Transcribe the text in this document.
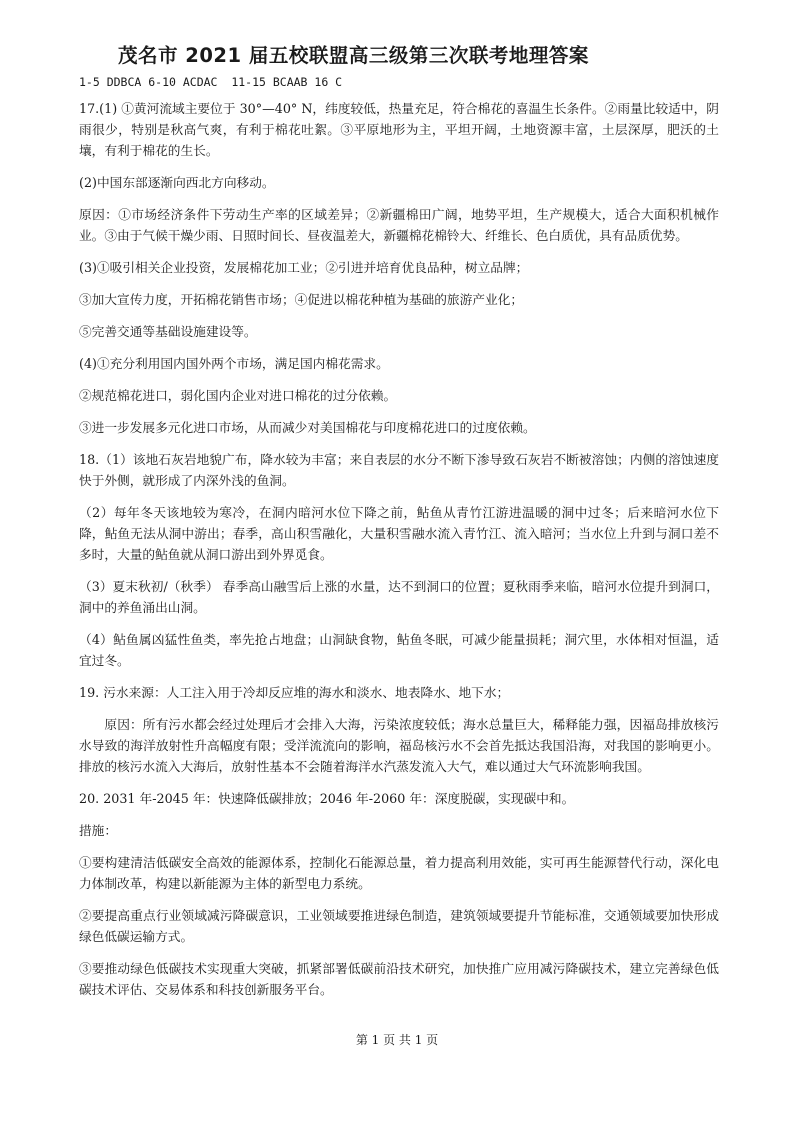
茂名市 2021 届五校联盟高三级第三次联考地理答案
1-5 DDBCA 6-10 ACDAC  11-15 BCAAB 16 C

17.(1) ①黄河流域主要位于 30°—40° N，纬度较低，热量充足，符合棉花的喜温生长条件。②雨量比较适中，阴雨很少，特别是秋高气爽，有利于棉花吐絮。③平原地形为主，平坦开阔，土地资源丰富，土层深厚，肥沃的土壤，有利于棉花的生长。

(2)中国东部逐渐向西北方向移动。

原因：①市场经济条件下劳动生产率的区域差异；②新疆棉田广阔，地势平坦，生产规模大，适合大面积机械作业。③由于气候干燥少雨、日照时间长、昼夜温差大，新疆棉花棉铃大、纤维长、色白质优，具有品质优势。

(3)①吸引相关企业投资，发展棉花加工业；②引进并培育优良品种，树立品牌；

③加大宣传力度，开拓棉花销售市场；④促进以棉花种植为基础的旅游产业化；

⑤完善交通等基础设施建设等。

(4)①充分利用国内国外两个市场，满足国内棉花需求。

②规范棉花进口，弱化国内企业对进口棉花的过分依赖。

③进一步发展多元化进口市场，从而减少对美国棉花与印度棉花进口的过度依赖。

18.（1）该地石灰岩地貌广布，降水较为丰富；来自表层的水分不断下渗导致石灰岩不断被溶蚀；内侧的溶蚀速度快于外侧，就形成了内深外浅的鱼洞。

（2）每年冬天该地较为寒冷，在洞内暗河水位下降之前，鲇鱼从青竹江游进温暖的洞中过冬；后来暗河水位下降，鲇鱼无法从洞中游出；春季，高山积雪融化，大量积雪融水流入青竹江、流入暗河；当水位上升到与洞口差不多时，大量的鲇鱼就从洞口游出到外界觅食。

（3）夏末秋初/（秋季） 春季高山融雪后上涨的水量，达不到洞口的位置；夏秋雨季来临，暗河水位提升到洞口，洞中的养鱼涌出山洞。

（4）鲇鱼属凶猛性鱼类，率先抢占地盘；山洞缺食物，鲇鱼冬眠，可减少能量损耗；洞穴里，水体相对恒温，适宜过冬。

19. 污水来源：人工注入用于冷却反应堆的海水和淡水、地表降水、地下水；

原因：所有污水都会经过处理后才会排入大海，污染浓度较低；海水总量巨大，稀释能力强，因福岛排放核污水导致的海洋放射性升高幅度有限；受洋流流向的影响，福岛核污水不会首先抵达我国沿海，对我国的影响更小。排放的核污水流入大海后，放射性基本不会随着海洋水汽蒸发流入大气，难以通过大气环流影响我国。

20. 2031 年-2045 年：快速降低碳排放；2046 年-2060 年：深度脱碳，实现碳中和。

措施：

①要构建清洁低碳安全高效的能源体系，控制化石能源总量，着力提高利用效能，实可再生能源替代行动，深化电力体制改革，构建以新能源为主体的新型电力系统。

②要提高重点行业领域减污降碳意识，工业领域要推进绿色制造，建筑领域要提升节能标准，交通领域要加快形成绿色低碳运输方式。

③要推动绿色低碳技术实现重大突破，抓紧部署低碳前沿技术研究，加快推广应用减污降碳技术，建立完善绿色低碳技术评估、交易体系和科技创新服务平台。

第 1 页 共 1 页
